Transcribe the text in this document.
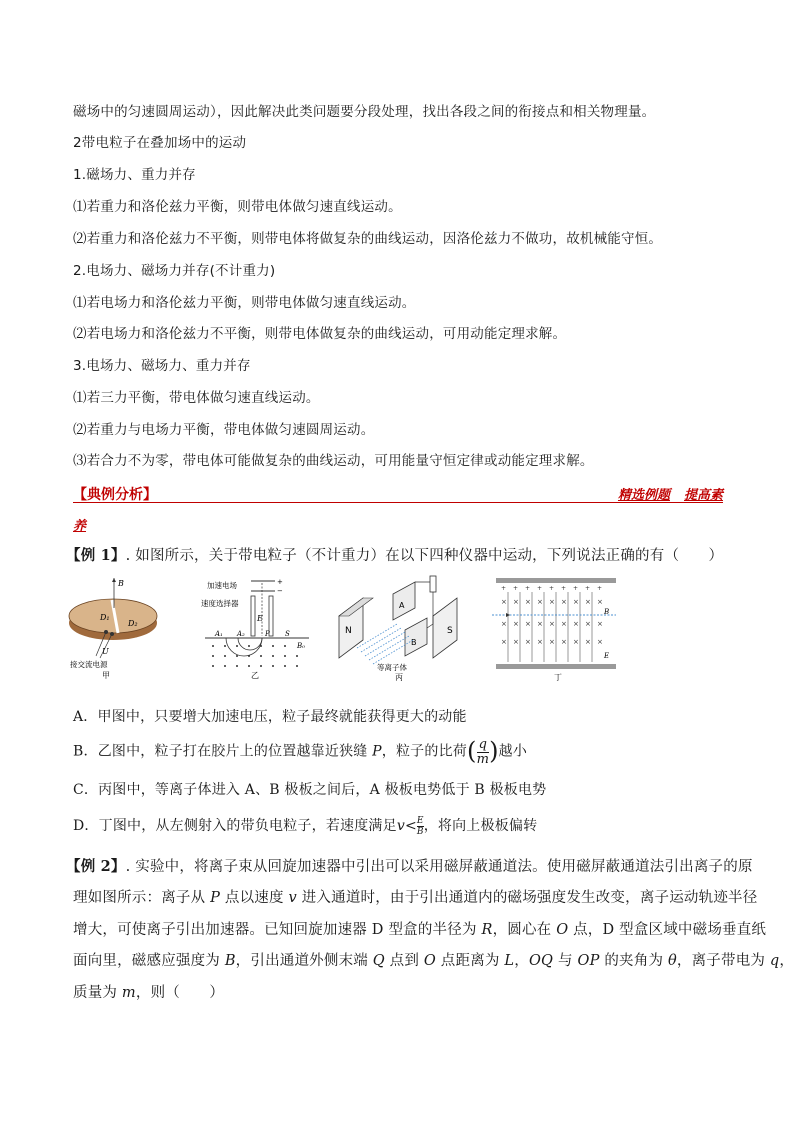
磁场中的匀速圆周运动），因此解决此类问题要分段处理，找出各段之间的衔接点和相关物理量。
2带电粒子在叠加场中的运动
1.磁场力、重力并存
⑴若重力和洛伦兹力平衡，则带电体做匀速直线运动。
⑵若重力和洛伦兹力不平衡，则带电体将做复杂的曲线运动，因洛伦兹力不做功，故机械能守恒。
2.电场力、磁场力并存(不计重力)
⑴若电场力和洛伦兹力平衡，则带电体做匀速直线运动。
⑵若电场力和洛伦兹力不平衡，则带电体做复杂的曲线运动，可用动能定理求解。
3.电场力、磁场力、重力并存
⑴若三力平衡，带电体做匀速直线运动。
⑵若重力与电场力平衡，带电体做匀速圆周运动。
⑶若合力不为零，带电体可能做复杂的曲线运动，可用能量守恒定律或动能定理求解。
【典例分析】	精选例题 提高素
养
【例 1】. 如图所示，关于带电粒子（不计重力）在以下四种仪器中运动，下列说法正确的有（　　）
B
D₁
D₂
U
接交流电源
甲
加速电场
速度选择器
+
−
E
A₁ A₂	P S
B₀
乙
N	S
A
B
等离子体
丙
+ + + + + + + + +
× × × × × × × × ×
× × × × × × × × ×
× × × × × × × × ×
B
E
丁
A．甲图中，只要增大加速电压，粒子最终就能获得更大的动能
B．乙图中，粒子打在胶片上的位置越靠近狭缝 P，粒子的比荷($\frac{q}{m}$ )越小
C．丙图中，等离子体进入 A、B 极板之间后，A 极板电势低于 B 极板电势
D．丁图中，从左侧射入的带负电粒子，若速度满足$v<\frac{E}{B}$ ，将向上极板偏转
【例 2】. 实验中，将离子束从回旋加速器中引出可以采用磁屏蔽通道法。使用磁屏蔽通道法引出离子的原
理如图所示：离子从 P 点以速度 v 进入通道时，由于引出通道内的磁场强度发生改变，离子运动轨迹半径
增大，可使离子引出加速器。已知回旋加速器 D 型盒的半径为 R，圆心在 O 点，D 型盒区域中磁场垂直纸
面向里，磁感应强度为 B，引出通道外侧末端 Q 点到 O 点距离为 L，OQ 与 OP 的夹角为 θ，离子带电为 q，
质量为 m，则（　　）
